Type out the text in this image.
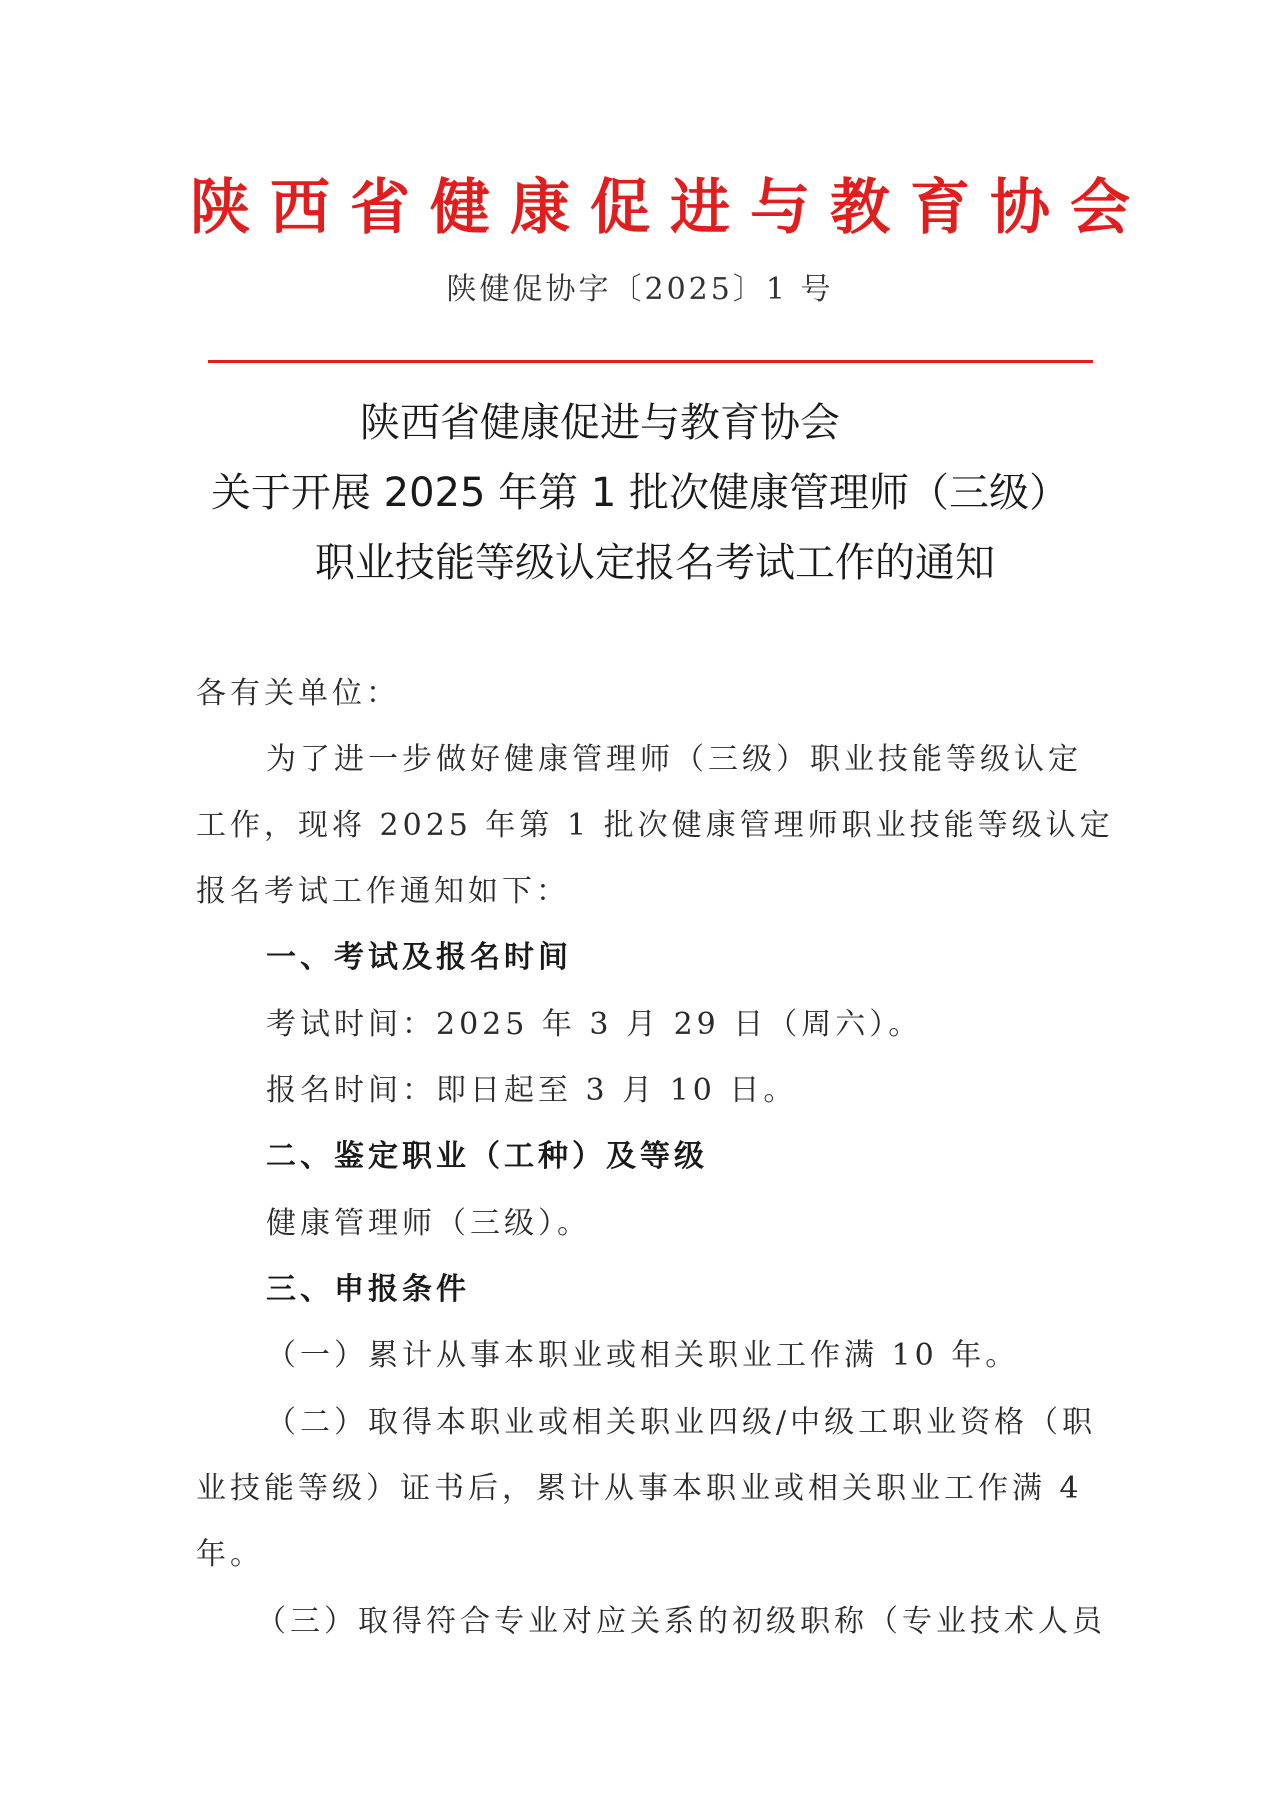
陕西省健康促进与教育协会
陕健促协字〔2025〕1 号
陕西省健康促进与教育协会
关于开展 2025 年第 1 批次健康管理师（三级）
职业技能等级认定报名考试工作的通知
各有关单位：
为了进一步做好健康管理师（三级）职业技能等级认定
工作，现将 2025 年第 1 批次健康管理师职业技能等级认定
报名考试工作通知如下：
一、考试及报名时间
考试时间：2025 年 3 月 29 日（周六）。
报名时间：即日起至 3 月 10 日。
二、鉴定职业（工种）及等级
健康管理师（三级）。
三、申报条件
（一）累计从事本职业或相关职业工作满 10 年。
（二）取得本职业或相关职业四级/中级工职业资格（职
业技能等级）证书后，累计从事本职业或相关职业工作满 4
年。
（三）取得符合专业对应关系的初级职称（专业技术人员
